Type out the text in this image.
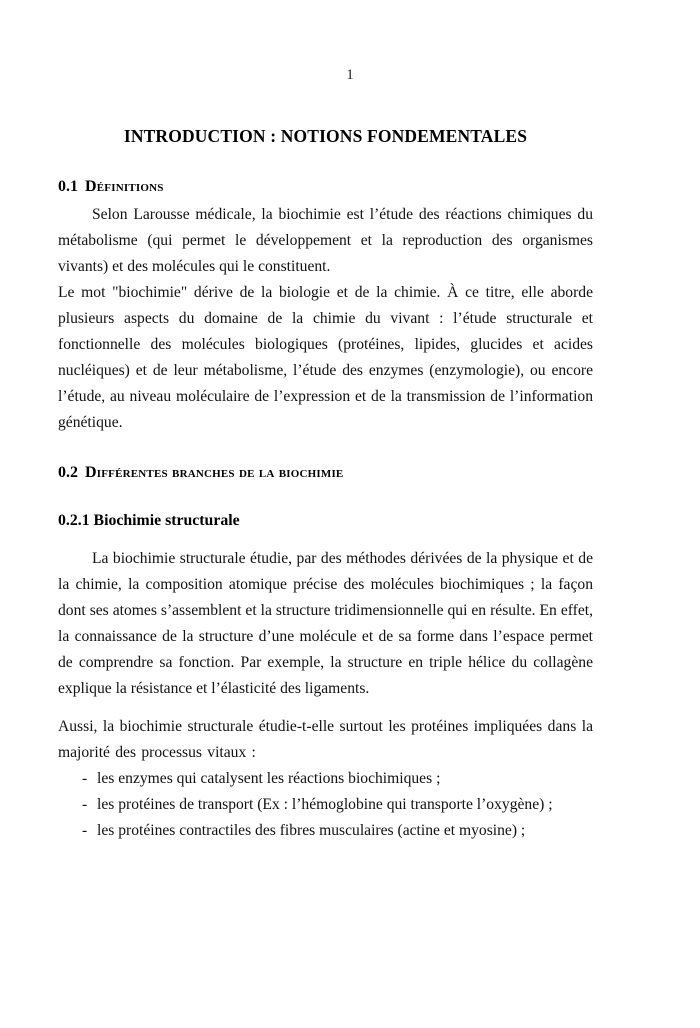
1
INTRODUCTION : NOTIONS FONDEMENTALES
0.1 Définitions

Selon Larousse médicale, la biochimie est l’étude des réactions chimiques du métabolisme (qui permet le développement et la reproduction des organismes vivants) et des molécules qui le constituent.

Le mot "biochimie" dérive de la biologie et de la chimie. À ce titre, elle aborde plusieurs aspects du domaine de la chimie du vivant : l’étude structurale et fonctionnelle des molécules biologiques (protéines, lipides, glucides et acides nucléiques) et de leur métabolisme, l’étude des enzymes (enzymologie), ou encore l’étude, au niveau moléculaire de l’expression et de la transmission de l’information génétique.

0.2 Différentes branches de la biochimie
0.2.1 Biochimie structurale

La biochimie structurale étudie, par des méthodes dérivées de la physique et de la chimie, la composition atomique précise des molécules biochimiques ; la façon dont ses atomes s’assemblent et la structure tridimensionnelle qui en résulte. En effet, la connaissance de la structure d’une molécule et de sa forme dans l’espace permet de comprendre sa fonction. Par exemple, la structure en triple hélice du collagène explique la résistance et l’élasticité des ligaments.

Aussi, la biochimie structurale étudie-t-elle surtout les protéines impliquées dans la majorité des processus vitaux :

- les enzymes qui catalysent les réactions biochimiques ;
- les protéines de transport (Ex : l’hémoglobine qui transporte l’oxygène) ;
- les protéines contractiles des fibres musculaires (actine et myosine) ;
